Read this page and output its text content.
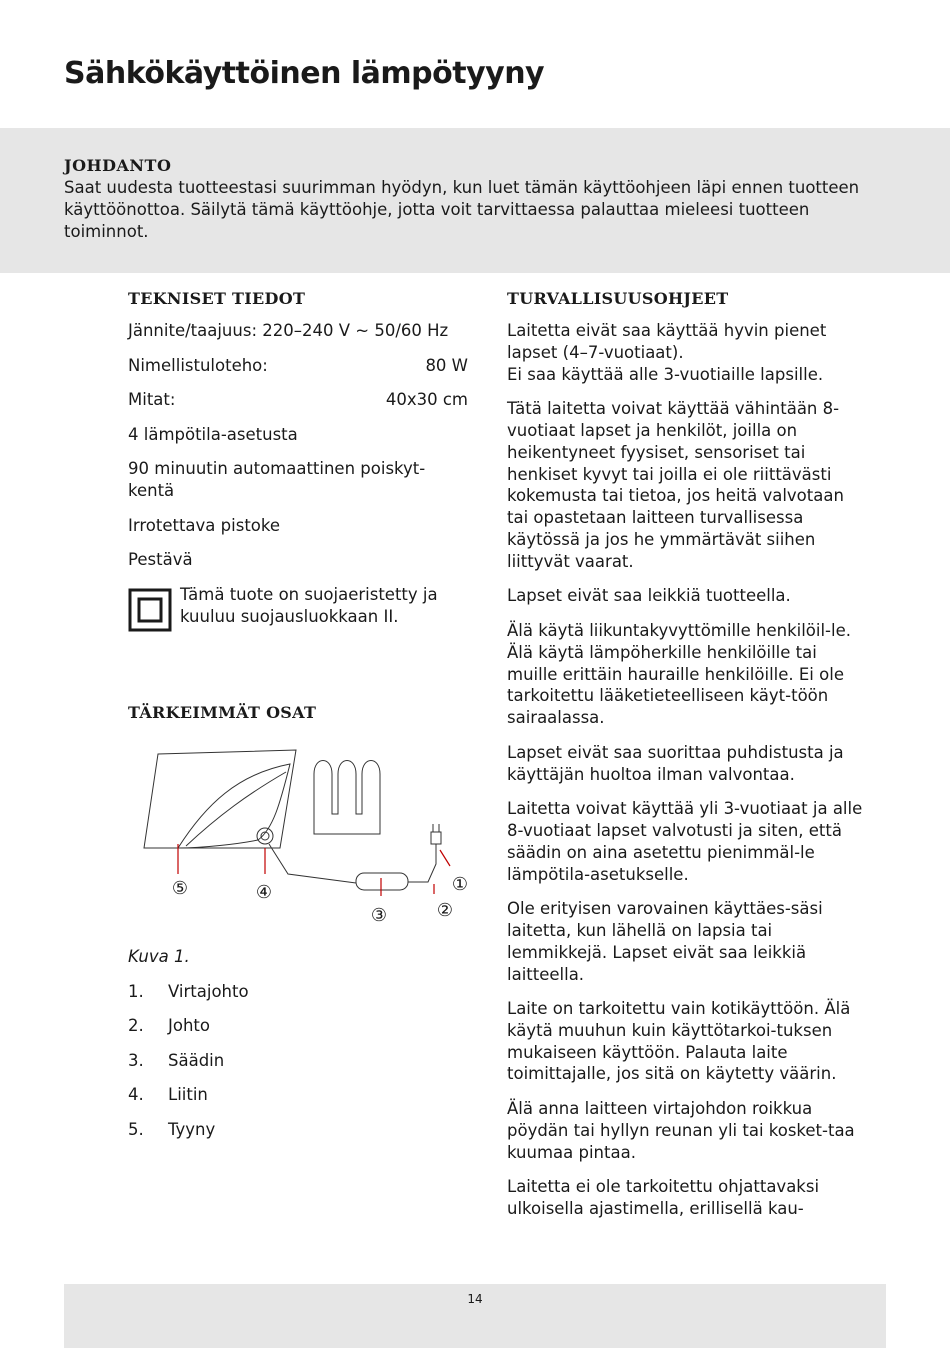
Sähkökäyttöinen lämpötyyny
JOHDANTO

Saat uudesta tuotteestasi suurimman hyödyn, kun luet tämän käyttöohjeen läpi ennen tuotteen käyttöönottoa. Säilytä tämä käyttöohje, jotta voit tarvittaessa palauttaa mieleesi tuotteen toiminnot.

TEKNISET TIEDOT
Jännite/taajuus: 220–240 V ~ 50/60 Hz
Nimellistuloteho:	80 W
Mitat:	40x30 cm
4 lämpötila-asetusta
90 minuutin automaattinen poiskyt-
kentä
Irrotettava pistoke
Pestävä
Tämä tuote on suojaeristetty ja kuuluu suojausluokkaan II.
TÄRKEIMMÄT OSAT
⑤	④
③	②
①
Kuva 1.
1.	Virtajohto
2.	Johto
3.	Säädin
4.	Liitin
5.	Tyyny
TURVALLISUUSOHJEET

Laitetta eivät saa käyttää hyvin pienet lapset (4–7-vuotiaat).
Ei saa käyttää alle 3-vuotiaille lapsille.

Tätä laitetta voivat käyttää vähintään 8-vuotiaat lapset ja henkilöt, joilla on heikentyneet fyysiset, sensoriset tai henkiset kyvyt tai joilla ei ole riittävästi kokemusta tai tietoa, jos heitä valvotaan tai opastetaan laitteen turvallisessa käytössä ja jos he ymmärtävät siihen liittyvät vaarat.

Lapset eivät saa leikkiä tuotteella.

Älä käytä liikuntakyvyttömille henkilöil-le. Älä käytä lämpöherkille henkilöille tai muille erittäin hauraille henkilöille. Ei ole tarkoitettu lääketieteelliseen käyt-töön sairaalassa.

Lapset eivät saa suorittaa puhdistusta ja käyttäjän huoltoa ilman valvontaa.

Laitetta voivat käyttää yli 3-vuotiaat ja alle 8-vuotiaat lapset valvotusti ja siten, että säädin on aina asetettu pienimmäl-le lämpötila-asetukselle.

Ole erityisen varovainen käyttäes-säsi laitetta, kun lähellä on lapsia tai lemmikkejä. Lapset eivät saa leikkiä laitteella.

Laite on tarkoitettu vain kotikäyttöön. Älä käytä muuhun kuin käyttötarkoi-tuksen mukaiseen käyttöön. Palauta laite toimittajalle, jos sitä on käytetty väärin.

Älä anna laitteen virtajohdon roikkua pöydän tai hyllyn reunan yli tai kosket-taa kuumaa pintaa.

Laitetta ei ole tarkoitettu ohjattavaksi ulkoisella ajastimella, erillisellä kau-

14
